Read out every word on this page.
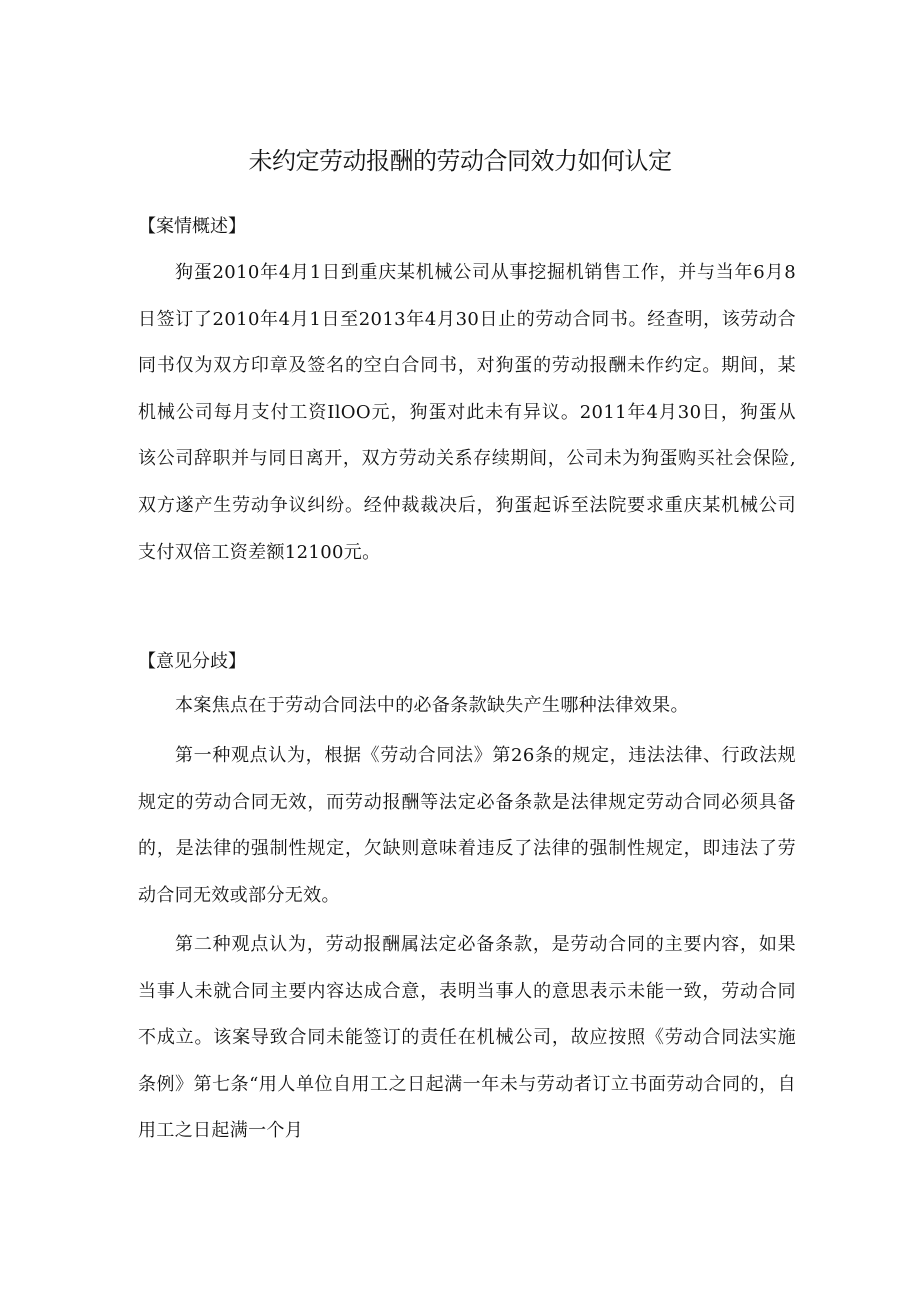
未约定劳动报酬的劳动合同效力如何认定
【案情概述】

狗蛋2010年4月1日到重庆某机械公司从事挖掘机销售工作，并与当年6月8日签订了2010年4月1日至2013年4月30日止的劳动合同书。经查明，该劳动合同书仅为双方印章及签名的空白合同书，对狗蛋的劳动报酬未作约定。期间，某机械公司每月支付工资IlOO元，狗蛋对此未有异议。2011年4月30日，狗蛋从该公司辞职并与同日离开，双方劳动关系存续期间，公司未为狗蛋购买社会保险,双方遂产生劳动争议纠纷。经仲裁裁决后，狗蛋起诉至法院要求重庆某机械公司支付双倍工资差额12100元。

【意见分歧】

本案焦点在于劳动合同法中的必备条款缺失产生哪种法律效果。

第一种观点认为，根据《劳动合同法》第26条的规定，违法法律、行政法规规定的劳动合同无效，而劳动报酬等法定必备条款是法律规定劳动合同必须具备的，是法律的强制性规定，欠缺则意味着违反了法律的强制性规定，即违法了劳动合同无效或部分无效。

第二种观点认为，劳动报酬属法定必备条款，是劳动合同的主要内容，如果当事人未就合同主要内容达成合意，表明当事人的意思表示未能一致，劳动合同不成立。该案导致合同未能签订的责任在机械公司，故应按照《劳动合同法实施条例》第七条“用人单位自用工之日起满一年未与劳动者订立书面劳动合同的，自用工之日起满一个月
